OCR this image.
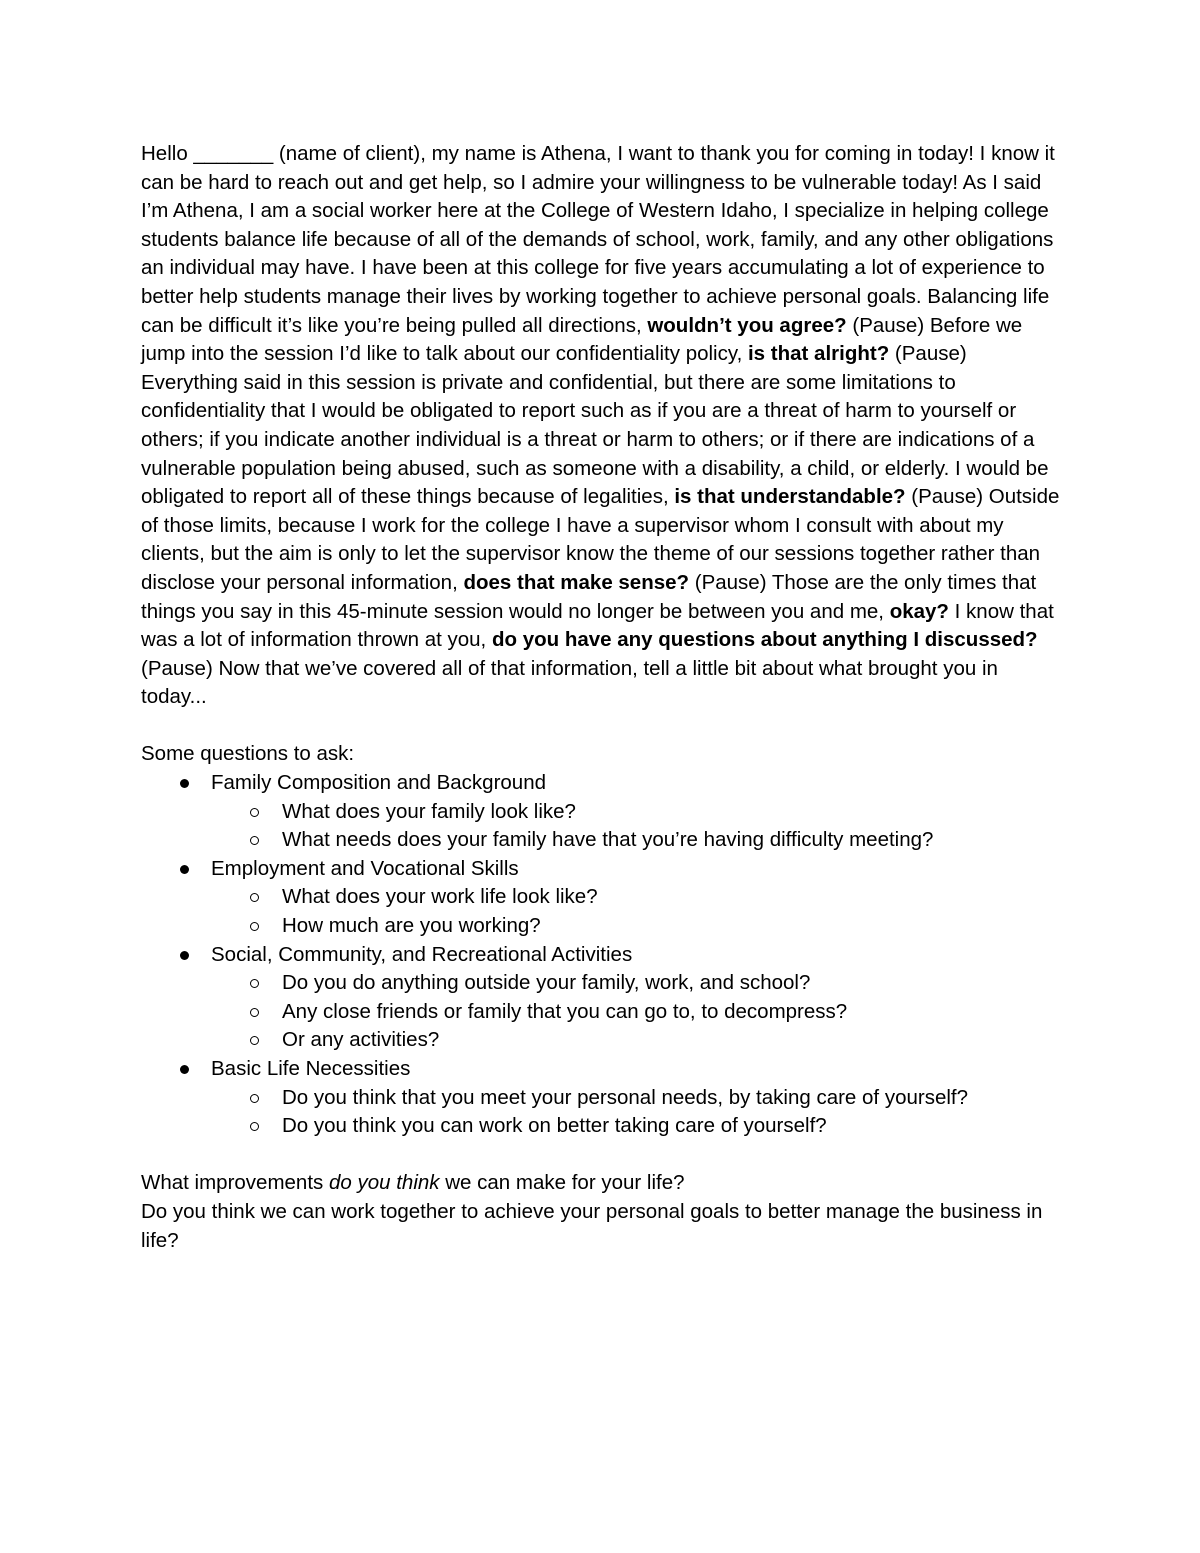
Hello _______ (name of client), my name is Athena, I want to thank you for coming in today! I know it can be hard to reach out and get help, so I admire your willingness to be vulnerable today! As I said I’m Athena, I am a social worker here at the College of Western Idaho, I specialize in helping college students balance life because of all of the demands of school, work, family, and any other obligations an individual may have. I have been at this college for five years accumulating a lot of experience to better help students manage their lives by working together to achieve personal goals. Balancing life can be difficult it’s like you’re being pulled all directions, wouldn’t you agree? (Pause) Before we jump into the session I’d like to talk about our confidentiality policy, is that alright? (Pause) Everything said in this session is private and confidential, but there are some limitations to confidentiality that I would be obligated to report such as if you are a threat of harm to yourself or others; if you indicate another individual is a threat or harm to others; or if there are indications of a vulnerable population being abused, such as someone with a disability, a child, or elderly. I would be obligated to report all of these things because of legalities, is that understandable? (Pause) Outside of those limits, because I work for the college I have a supervisor whom I consult with about my clients, but the aim is only to let the supervisor know the theme of our sessions together rather than disclose your personal information, does that make sense? (Pause) Those are the only times that things you say in this 45-minute session would no longer be between you and me, okay? I know that was a lot of information thrown at you, do you have any questions about anything I discussed? (Pause) Now that we’ve covered all of that information, tell a little bit about what brought you in today...

Some questions to ask:

Family Composition and Background
What does your family look like?
What needs does your family have that you’re having difficulty meeting?
Employment and Vocational Skills
What does your work life look like?
How much are you working?
Social, Community, and Recreational Activities
Do you do anything outside your family, work, and school?
Any close friends or family that you can go to, to decompress?
Or any activities?
Basic Life Necessities
Do you think that you meet your personal needs, by taking care of yourself?
Do you think you can work on better taking care of yourself?

What improvements do you think we can make for your life?

Do you think we can work together to achieve your personal goals to better manage the business in life?
